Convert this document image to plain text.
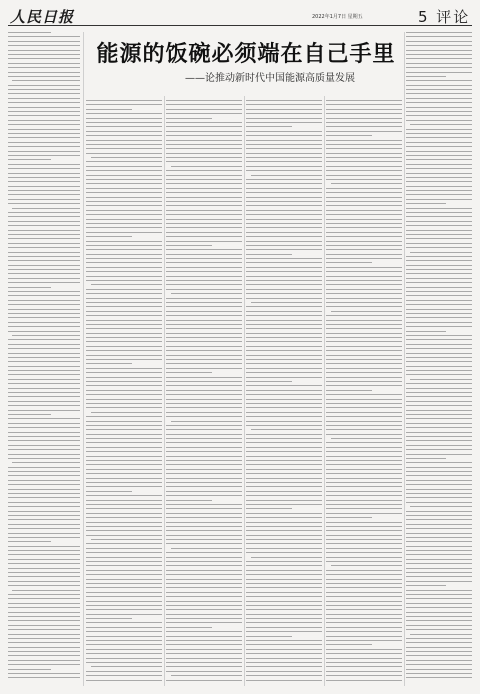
人民日报	2022年1月7日 星期五	5 评论
能源的饭碗必须端在自己手里
——论推动新时代中国能源高质量发展
